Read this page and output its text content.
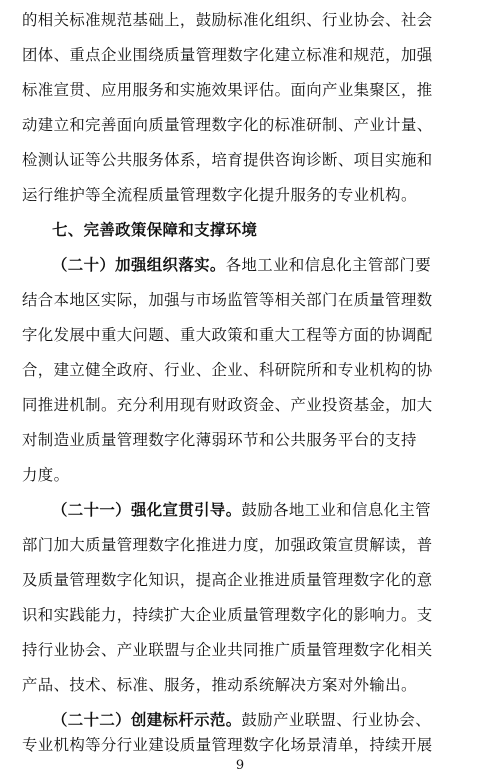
的相关标准规范基础上，鼓励标准化组织、行业协会、社会
团体、重点企业围绕质量管理数字化建立标准和规范，加强
标准宣贯、应用服务和实施效果评估。面向产业集聚区，推
动建立和完善面向质量管理数字化的标准研制、产业计量、
检测认证等公共服务体系，培育提供咨询诊断、项目实施和
运行维护等全流程质量管理数字化提升服务的专业机构。
七、完善政策保障和支撑环境
（二十）加强组织落实。各地工业和信息化主管部门要
结合本地区实际，加强与市场监管等相关部门在质量管理数
字化发展中重大问题、重大政策和重大工程等方面的协调配
合，建立健全政府、行业、企业、科研院所和专业机构的协
同推进机制。充分利用现有财政资金、产业投资基金，加大
对制造业质量管理数字化薄弱环节和公共服务平台的支持
力度。
（二十一）强化宣贯引导。鼓励各地工业和信息化主管
部门加大质量管理数字化推进力度，加强政策宣贯解读，普
及质量管理数字化知识，提高企业推进质量管理数字化的意
识和实践能力，持续扩大企业质量管理数字化的影响力。支
持行业协会、产业联盟与企业共同推广质量管理数字化相关
产品、技术、标准、服务，推动系统解决方案对外输出。
（二十二）创建标杆示范。鼓励产业联盟、行业协会、
专业机构等分行业建设质量管理数字化场景清单，持续开展
9
